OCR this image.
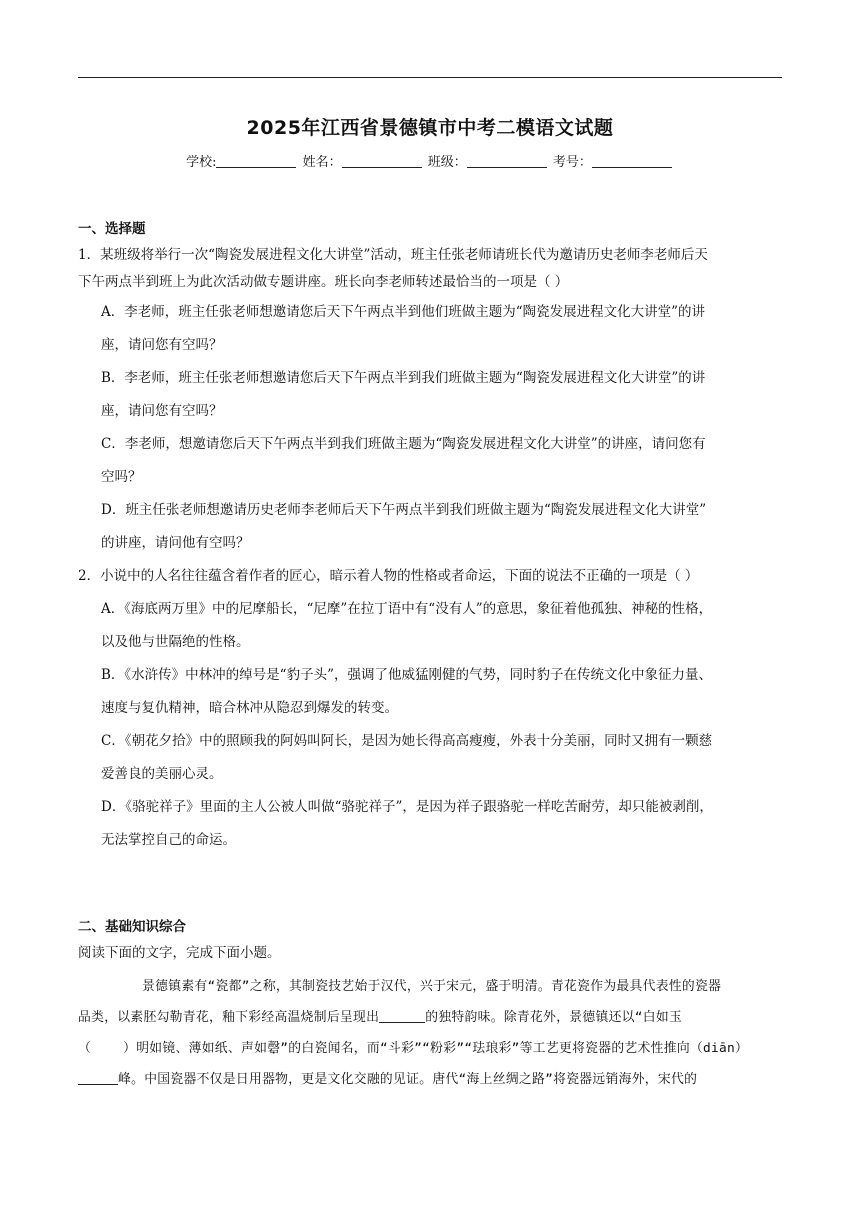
2025年江西省景德镇市中考二模语文试题
学校:	姓名：	班级：	考号：
一、选择题
1．某班级将举行一次“陶瓷发展进程文化大讲堂”活动，班主任张老师请班长代为邀请历史老师李老师后天
下午两点半到班上为此次活动做专题讲座。班长向李老师转述最恰当的一项是（ ）
A．李老师，班主任张老师想邀请您后天下午两点半到他们班做主题为“陶瓷发展进程文化大讲堂”的讲
座，请问您有空吗？
B．李老师，班主任张老师想邀请您后天下午两点半到我们班做主题为“陶瓷发展进程文化大讲堂”的讲
座，请问您有空吗？
C．李老师，想邀请您后天下午两点半到我们班做主题为“陶瓷发展进程文化大讲堂”的讲座，请问您有
空吗？
D．班主任张老师想邀请历史老师李老师后天下午两点半到我们班做主题为“陶瓷发展进程文化大讲堂”
的讲座，请问他有空吗？
2．小说中的人名往往蕴含着作者的匠心，暗示着人物的性格或者命运，下面的说法不正确的一项是（ ）
A．《海底两万里》中的尼摩船长，“尼摩”在拉丁语中有“没有人”的意思，象征着他孤独、神秘的性格，
以及他与世隔绝的性格。
B．《水浒传》中林冲的绰号是“豹子头”，强调了他威猛刚健的气势，同时豹子在传统文化中象征力量、
速度与复仇精神，暗合林冲从隐忍到爆发的转变。
C．《朝花夕拾》中的照顾我的阿妈叫阿长，是因为她长得高高瘦瘦，外表十分美丽，同时又拥有一颗慈
爱善良的美丽心灵。
D．《骆驼祥子》里面的主人公被人叫做“骆驼祥子”，是因为祥子跟骆驼一样吃苦耐劳，却只能被剥削，
无法掌控自己的命运。
二、基础知识综合
阅读下面的文字，完成下面小题。
景德镇素有“瓷都”之称，其制瓷技艺始于汉代，兴于宋元，盛于明清。青花瓷作为最具代表性的瓷器
品类，以素胚勾勒青花，釉下彩经高温烧制后呈现出	的独特韵味。除青花外，景德镇还以“白如玉
（    ）明如镜、薄如纸、声如磬”的白瓷闻名，而“斗彩”“粉彩”“珐琅彩”等工艺更将瓷器的艺术性推向（diān）
峰。中国瓷器不仅是日用器物，更是文化交融的见证。唐代“海上丝绸之路”将瓷器远销海外，宋代的
